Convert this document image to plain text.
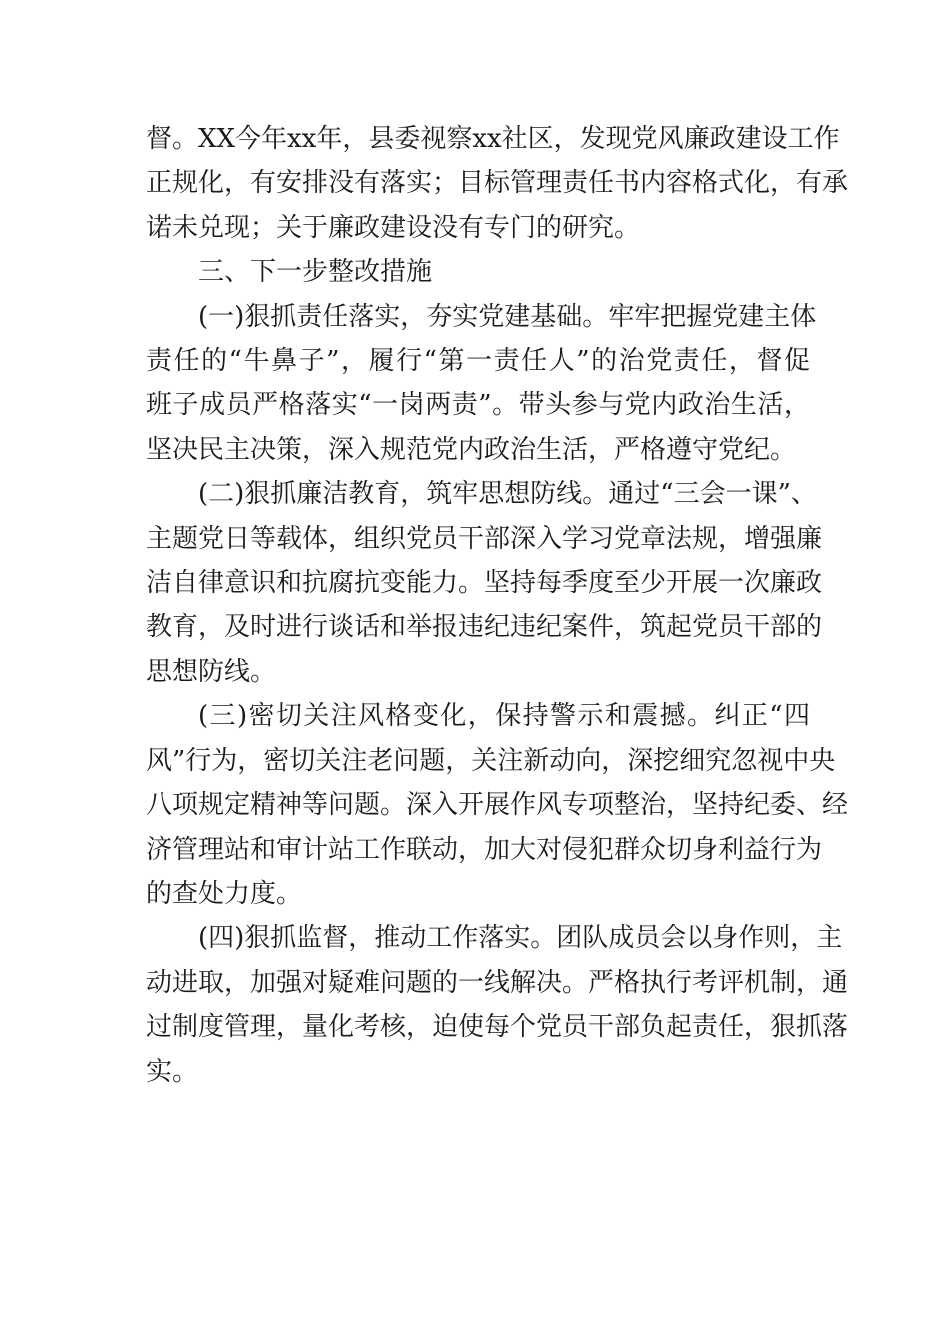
督。XX今年xx年，县委视察xx社区，发现党风廉政建设工作
正规化，有安排没有落实；目标管理责任书内容格式化，有承
诺未兑现；关于廉政建设没有专门的研究。
三、下一步整改措施
(一)狠抓责任落实，夯实党建基础。牢牢把握党建主体
责任的“牛鼻子”，履行“第一责任人”的治党责任，督促
班子成员严格落实“一岗两责”。带头参与党内政治生活，
坚决民主决策，深入规范党内政治生活，严格遵守党纪。
(二)狠抓廉洁教育，筑牢思想防线。通过“三会一课”、
主题党日等载体，组织党员干部深入学习党章法规，增强廉
洁自律意识和抗腐抗变能力。坚持每季度至少开展一次廉政
教育，及时进行谈话和举报违纪违纪案件，筑起党员干部的
思想防线。
(三)密切关注风格变化，保持警示和震撼。纠正“四
风”行为，密切关注老问题，关注新动向，深挖细究忽视中央
八项规定精神等问题。深入开展作风专项整治，坚持纪委、经
济管理站和审计站工作联动，加大对侵犯群众切身利益行为
的查处力度。
(四)狠抓监督，推动工作落实。团队成员会以身作则，主
动进取，加强对疑难问题的一线解决。严格执行考评机制，通
过制度管理，量化考核，迫使每个党员干部负起责任，狠抓落
实。
